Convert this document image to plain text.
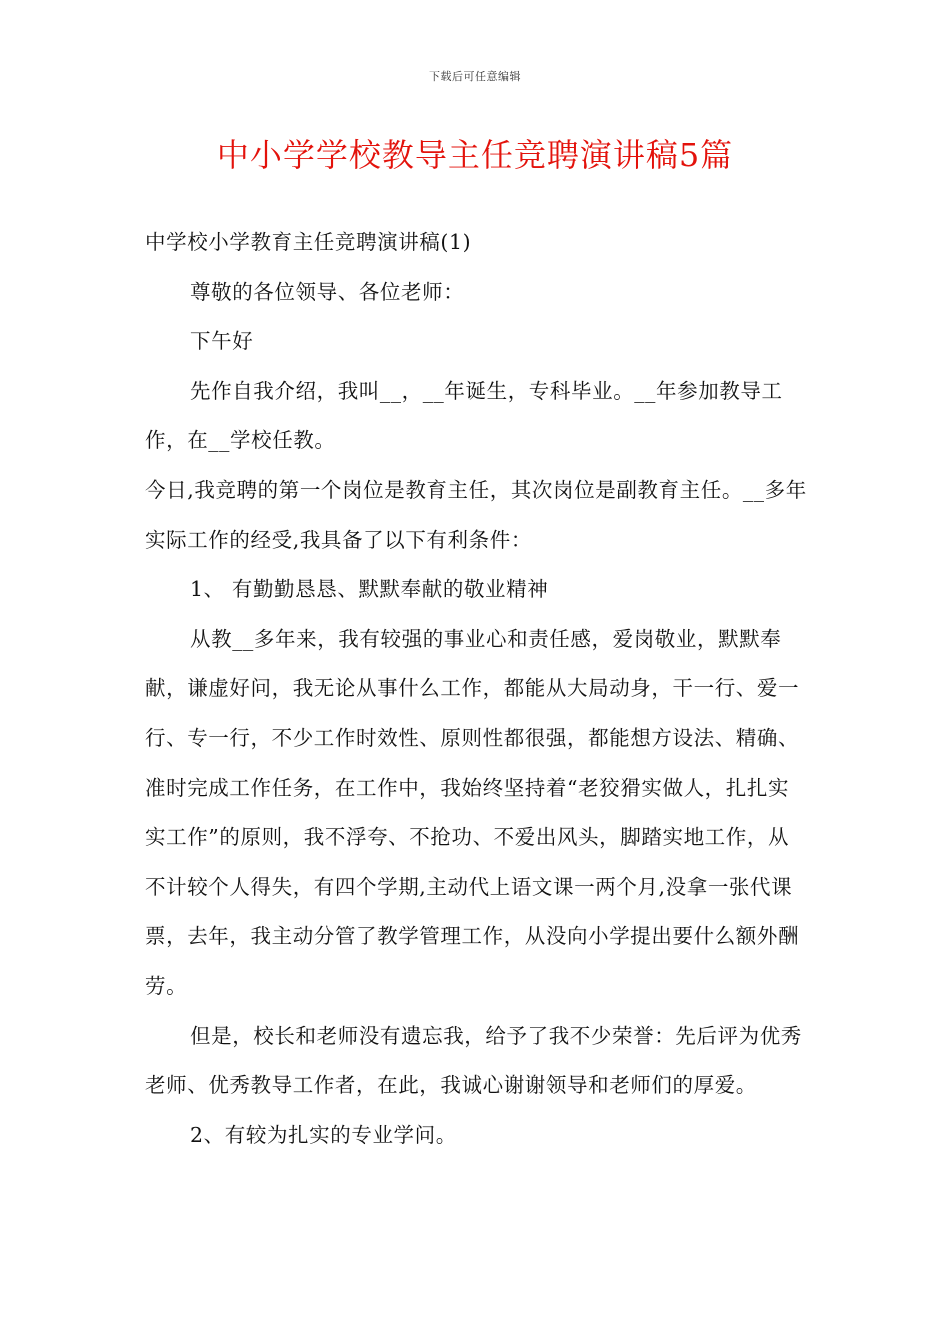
下载后可任意编辑
中小学学校教导主任竞聘演讲稿5篇

中学校小学教育主任竞聘演讲稿(1)

尊敬的各位领导、各位老师：

下午好

先作自我介绍，我叫__，__年诞生，专科毕业。__年参加教导工作，在__学校任教。

今日,我竞聘的第一个岗位是教育主任，其次岗位是副教育主任。__多年实际工作的经受,我具备了以下有利条件：

1、 有勤勤恳恳、默默奉献的敬业精神

从教__多年来，我有较强的事业心和责任感，爱岗敬业，默默奉献，谦虚好问，我无论从事什么工作，都能从大局动身，干一行、爱一行、专一行，不少工作时效性、原则性都很强，都能想方设法、精确、准时完成工作任务，在工作中，我始终坚持着“老狡猾实做人，扎扎实实工作”的原则，我不浮夸、不抢功、不爱出风头，脚踏实地工作，从不计较个人得失，有四个学期,主动代上语文课一两个月,没拿一张代课票，去年，我主动分管了教学管理工作，从没向小学提出要什么额外酬劳。

但是，校长和老师没有遗忘我，给予了我不少荣誉：先后评为优秀老师、优秀教导工作者，在此，我诚心谢谢领导和老师们的厚爱。

2、有较为扎实的专业学问。
